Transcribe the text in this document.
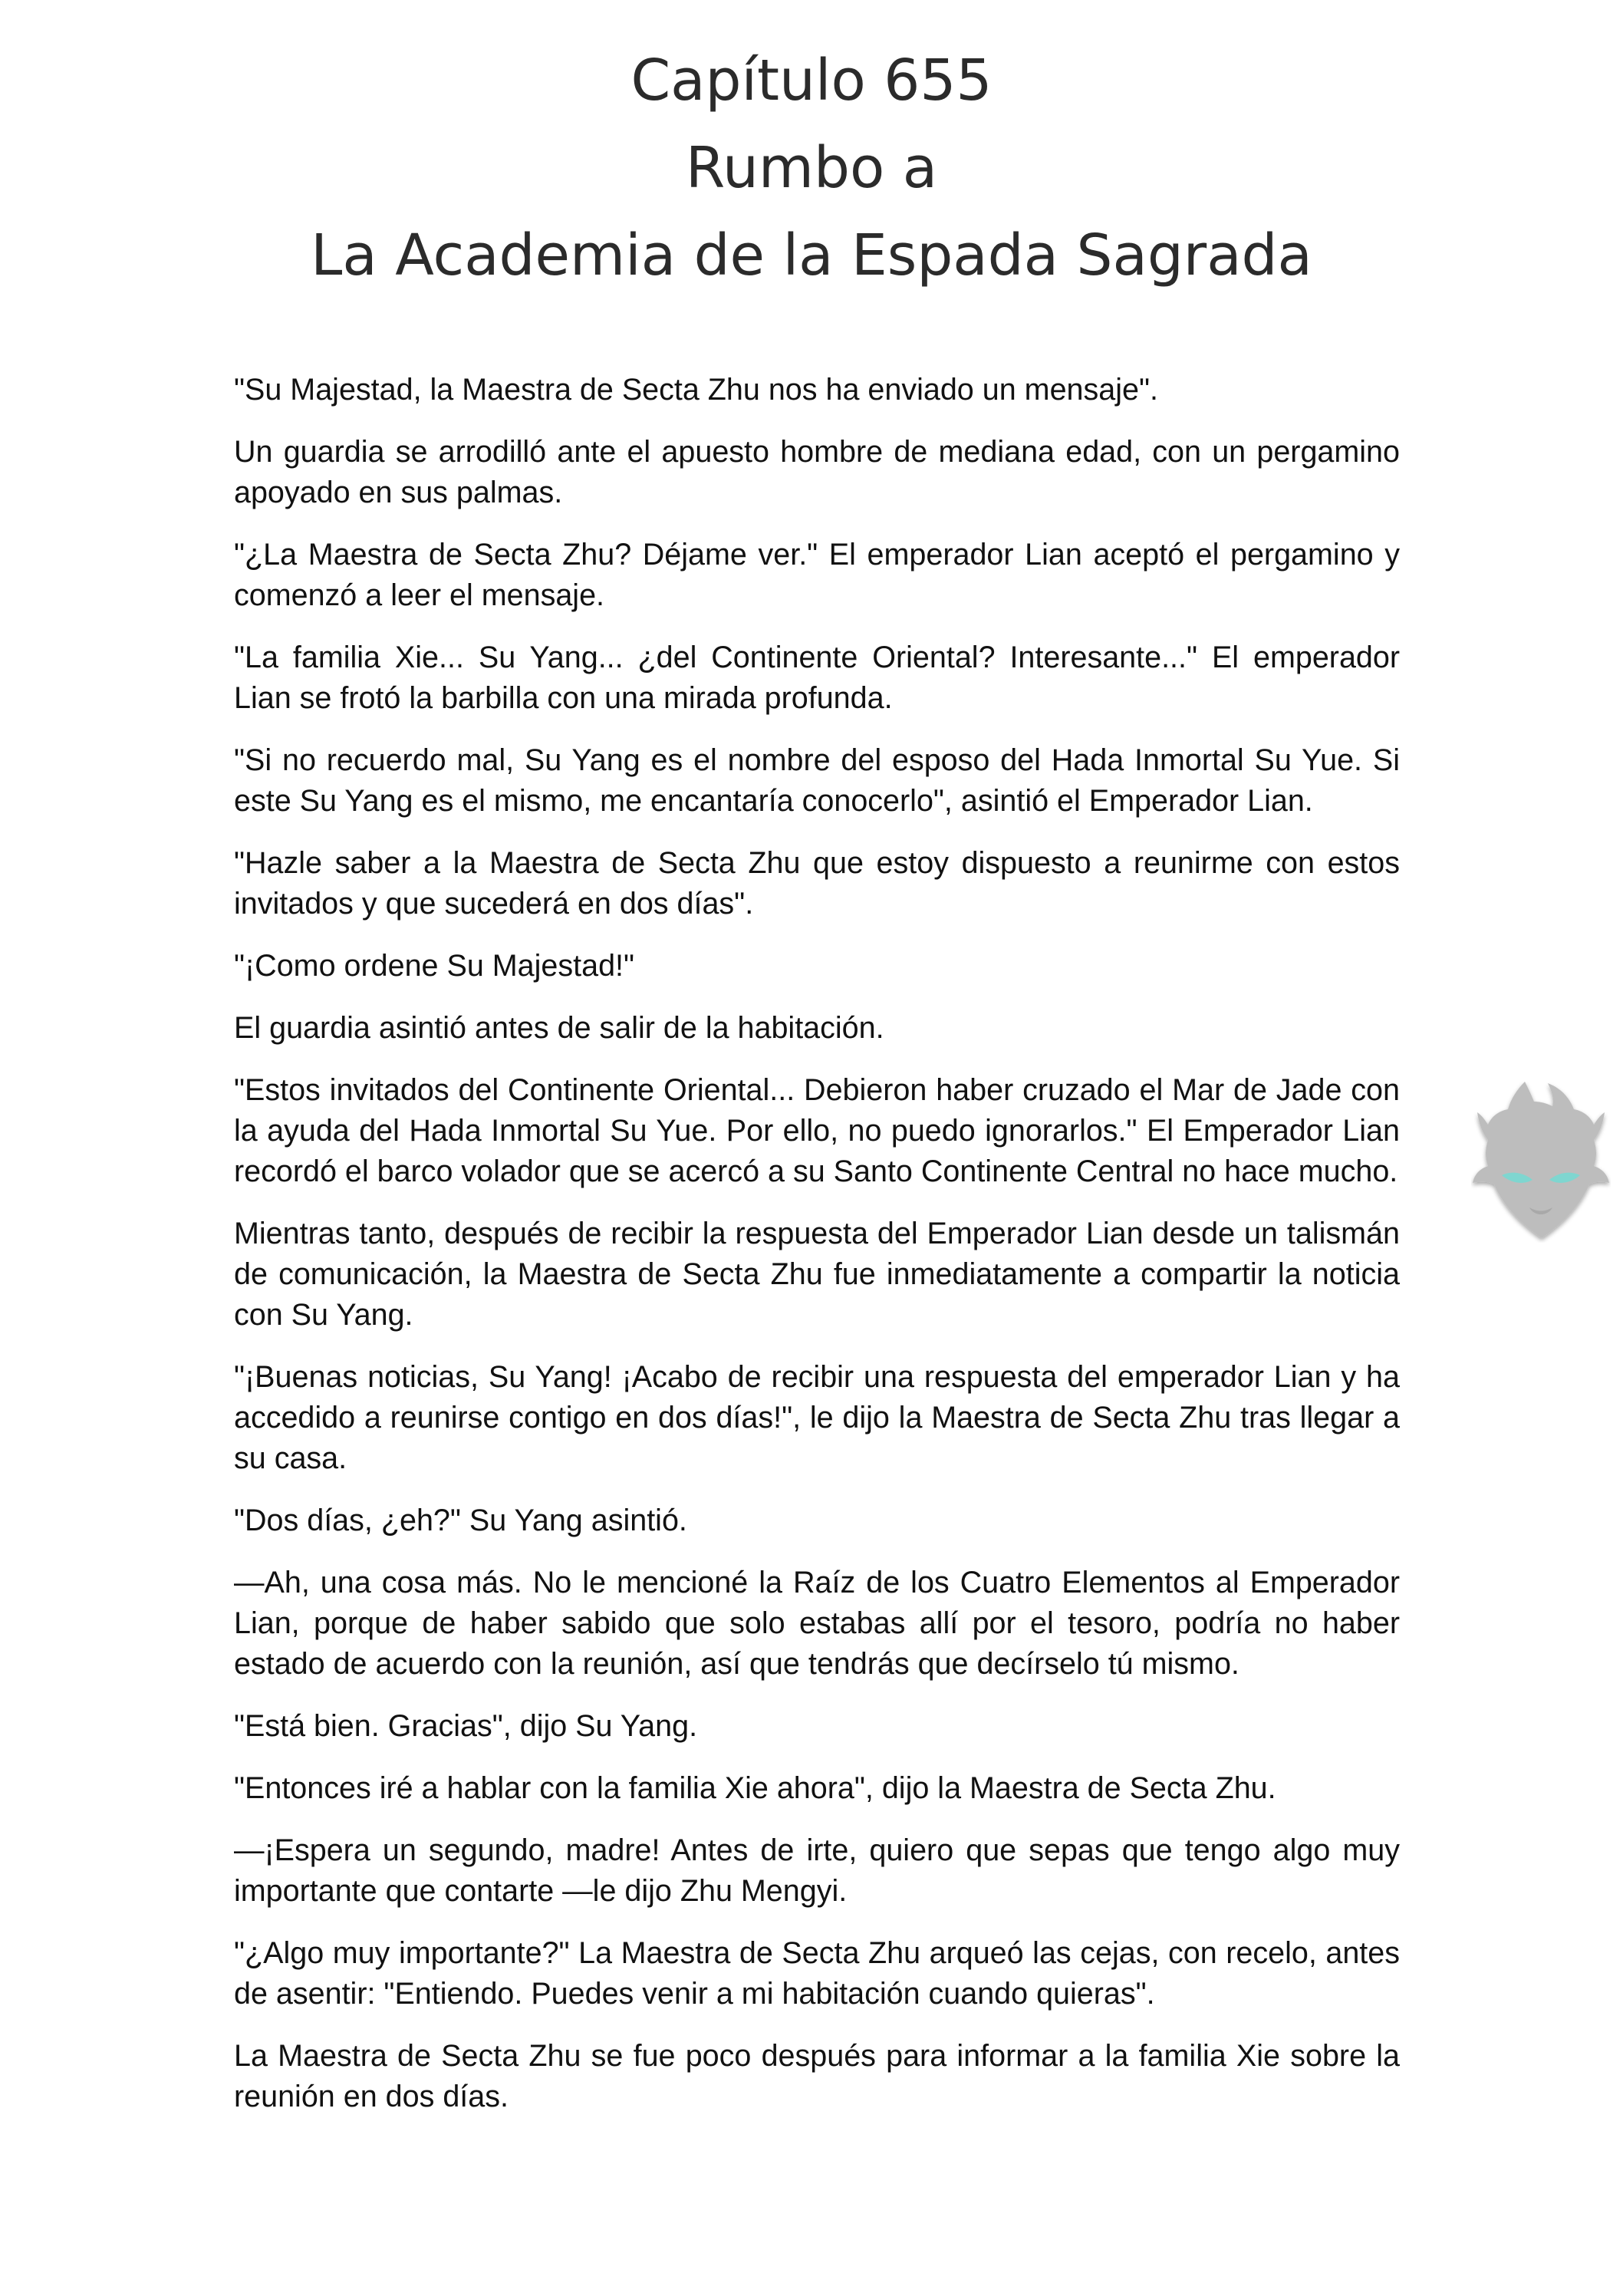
Capítulo 655
Rumbo a
La Academia de la Espada Sagrada

"Su Majestad, la Maestra de Secta Zhu nos ha enviado un mensaje".

Un guardia se arrodilló ante el apuesto hombre de mediana edad, con un pergamino apoyado en sus palmas.

"¿La Maestra de Secta Zhu? Déjame ver." El emperador Lian aceptó el pergamino y comenzó a leer el mensaje.

"La familia Xie... Su Yang... ¿del Continente Oriental? Interesante..." El emperador Lian se frotó la barbilla con una mirada profunda.

"Si no recuerdo mal, Su Yang es el nombre del esposo del Hada Inmortal Su Yue. Si este Su Yang es el mismo, me encantaría conocerlo", asintió el Emperador Lian.

"Hazle saber a la Maestra de Secta Zhu que estoy dispuesto a reunirme con estos invitados y que sucederá en dos días".

"¡Como ordene Su Majestad!"

El guardia asintió antes de salir de la habitación.

"Estos invitados del Continente Oriental... Debieron haber cruzado el Mar de Jade con la ayuda del Hada Inmortal Su Yue. Por ello, no puedo ignorarlos." El Emperador Lian recordó el barco volador que se acercó a su Santo Continente Central no hace mucho.

Mientras tanto, después de recibir la respuesta del Emperador Lian desde un talismán de comunicación, la Maestra de Secta Zhu fue inmediatamente a compartir la noticia con Su Yang.

"¡Buenas noticias, Su Yang! ¡Acabo de recibir una respuesta del emperador Lian y ha accedido a reunirse contigo en dos días!", le dijo la Maestra de Secta Zhu tras llegar a su casa.

"Dos días, ¿eh?" Su Yang asintió.

—Ah, una cosa más. No le mencioné la Raíz de los Cuatro Elementos al Emperador Lian, porque de haber sabido que solo estabas allí por el tesoro, podría no haber estado de acuerdo con la reunión, así que tendrás que decírselo tú mismo.

"Está bien. Gracias", dijo Su Yang.

"Entonces iré a hablar con la familia Xie ahora", dijo la Maestra de Secta Zhu.

—¡Espera un segundo, madre! Antes de irte, quiero que sepas que tengo algo muy importante que contarte —le dijo Zhu Mengyi.

"¿Algo muy importante?" La Maestra de Secta Zhu arqueó las cejas, con recelo, antes de asentir: "Entiendo. Puedes venir a mi habitación cuando quieras".

La Maestra de Secta Zhu se fue poco después para informar a la familia Xie sobre la reunión en dos días.
